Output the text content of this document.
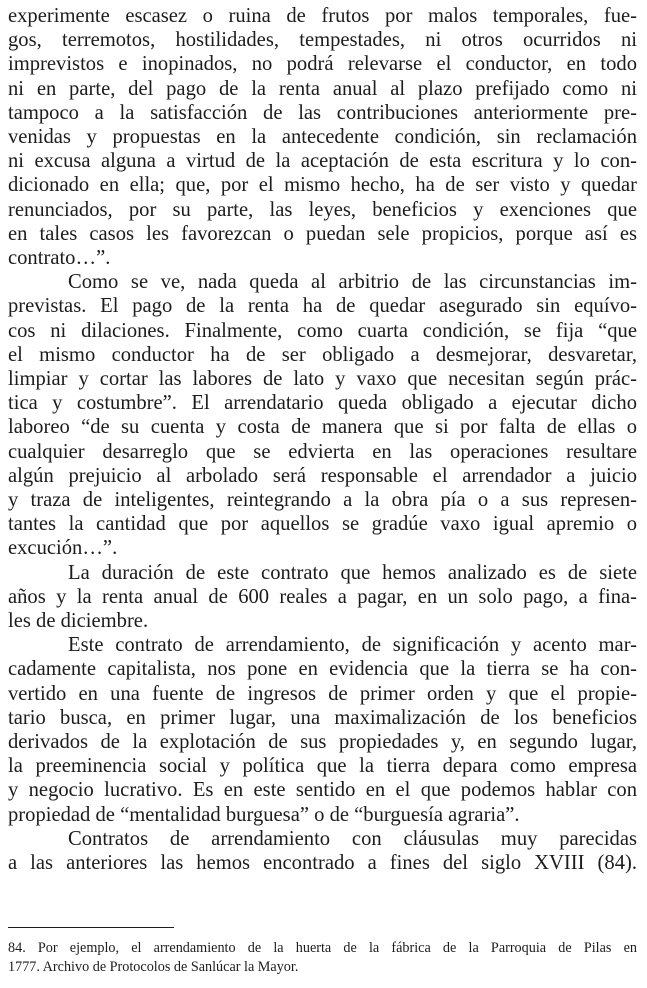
experimente escasez o ruina de frutos por malos temporales, fue-
gos, terremotos, hostilidades, tempestades, ni otros ocurridos ni
imprevistos e inopinados, no podrá relevarse el conductor, en todo
ni en parte, del pago de la renta anual al plazo prefijado como ni
tampoco a la satisfacción de las contribuciones anteriormente pre-
venidas y propuestas en la antecedente condición, sin reclamación
ni excusa alguna a virtud de la aceptación de esta escritura y lo con-
dicionado en ella; que, por el mismo hecho, ha de ser visto y quedar
renunciados, por su parte, las leyes, beneficios y exenciones que
en tales casos les favorezcan o puedan sele propicios, porque así es
contrato…”.
Como se ve, nada queda al arbitrio de las circunstancias im-
previstas. El pago de la renta ha de quedar asegurado sin equívo-
cos ni dilaciones. Finalmente, como cuarta condición, se fija “que
el mismo conductor ha de ser obligado a desmejorar, desvaretar,
limpiar y cortar las labores de lato y vaxo que necesitan según prác-
tica y costumbre”. El arrendatario queda obligado a ejecutar dicho
laboreo “de su cuenta y costa de manera que si por falta de ellas o
cualquier desarreglo que se edvierta en las operaciones resultare
algún prejuicio al arbolado será responsable el arrendador a juicio
y traza de inteligentes, reintegrando a la obra pía o a sus represen-
tantes la cantidad que por aquellos se gradúe vaxo igual apremio o
excución…”.
La duración de este contrato que hemos analizado es de siete
años y la renta anual de 600 reales a pagar, en un solo pago, a fina-
les de diciembre.
Este contrato de arrendamiento, de significación y acento mar-
cadamente capitalista, nos pone en evidencia que la tierra se ha con-
vertido en una fuente de ingresos de primer orden y que el propie-
tario busca, en primer lugar, una maximalización de los beneficios
derivados de la explotación de sus propiedades y, en segundo lugar,
la preeminencia social y política que la tierra depara como empresa
y negocio lucrativo. Es en este sentido en el que podemos hablar con
propiedad de “mentalidad burguesa” o de “burguesía agraria”.
Contratos de arrendamiento con cláusulas muy parecidas
a las anteriores las hemos encontrado a fines del siglo XVIII (84).
84. Por ejemplo, el arrendamiento de la huerta de la fábrica de la Parroquia de Pilas en
1777. Archivo de Protocolos de Sanlúcar la Mayor.
